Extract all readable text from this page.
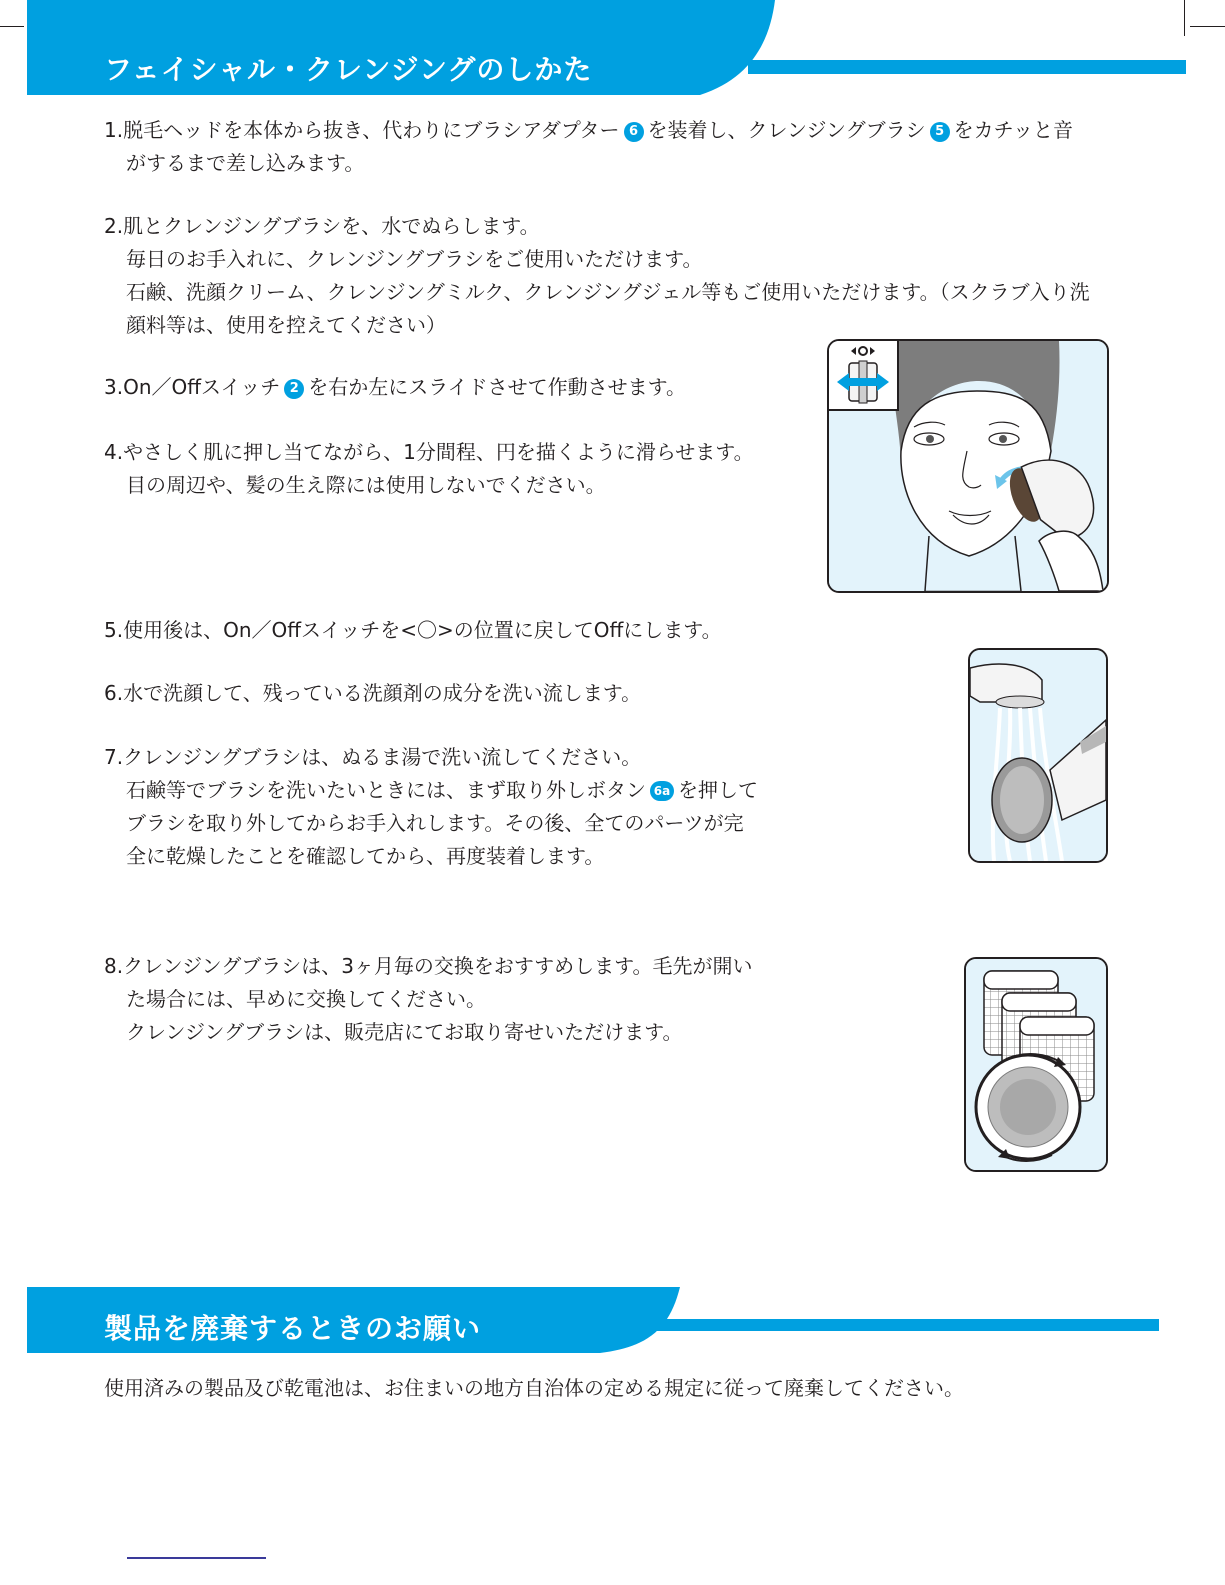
フェイシャル・クレンジングのしかた
1.脱毛ヘッドを本体から抜き、代わりにブラシアダプター 6 を装着し、クレンジングブラシ 5 をカチッと音
がするまで差し込みます。
2.肌とクレンジングブラシを、水でぬらします。
毎日のお手入れに、クレンジングブラシをご使用いただけます。
石鹸、洗顔クリーム、クレンジングミルク、クレンジングジェル等もご使用いただけます。（スクラブ入り洗
顔料等は、使用を控えてください）
3.On／Offスイッチ 2 を右か左にスライドさせて作動させます。
4.やさしく肌に押し当てながら、1分間程、円を描くように滑らせます。
目の周辺や、髪の生え際には使用しないでください。
5.使用後は、On／Offスイッチを<〇>の位置に戻してOffにします。
6.水で洗顔して、残っている洗顔剤の成分を洗い流します。
7.クレンジングブラシは、ぬるま湯で洗い流してください。
石鹸等でブラシを洗いたいときには、まず取り外しボタン 6a を押して
ブラシを取り外してからお手入れします。その後、全てのパーツが完
全に乾燥したことを確認してから、再度装着します。
8.クレンジングブラシは、3ヶ月毎の交換をおすすめします。毛先が開い
た場合には、早めに交換してください。
クレンジングブラシは、販売店にてお取り寄せいただけます。
製品を廃棄するときのお願い
使用済みの製品及び乾電池は、お住まいの地方自治体の定める規定に従って廃棄してください。
